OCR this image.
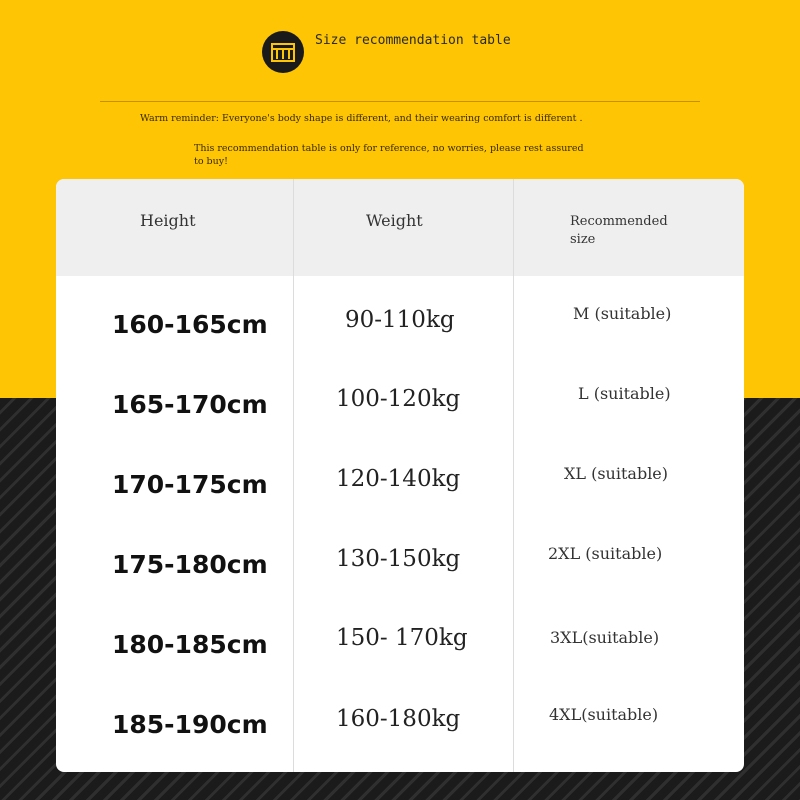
Size recommendation table
Warm reminder: Everyone's body shape is different, and their wearing comfort is different .
This recommendation table is only for reference, no worries, please rest assured to buy!
Height	Weight	Recommended size
160-165cm	90-110kg	M (suitable)
165-170cm	100-120kg	L (suitable)
170-175cm	120-140kg	XL (suitable)
175-180cm	130-150kg	2XL (suitable)
180-185cm	150- 170kg	3XL(suitable)
185-190cm	160-180kg	4XL(suitable)
